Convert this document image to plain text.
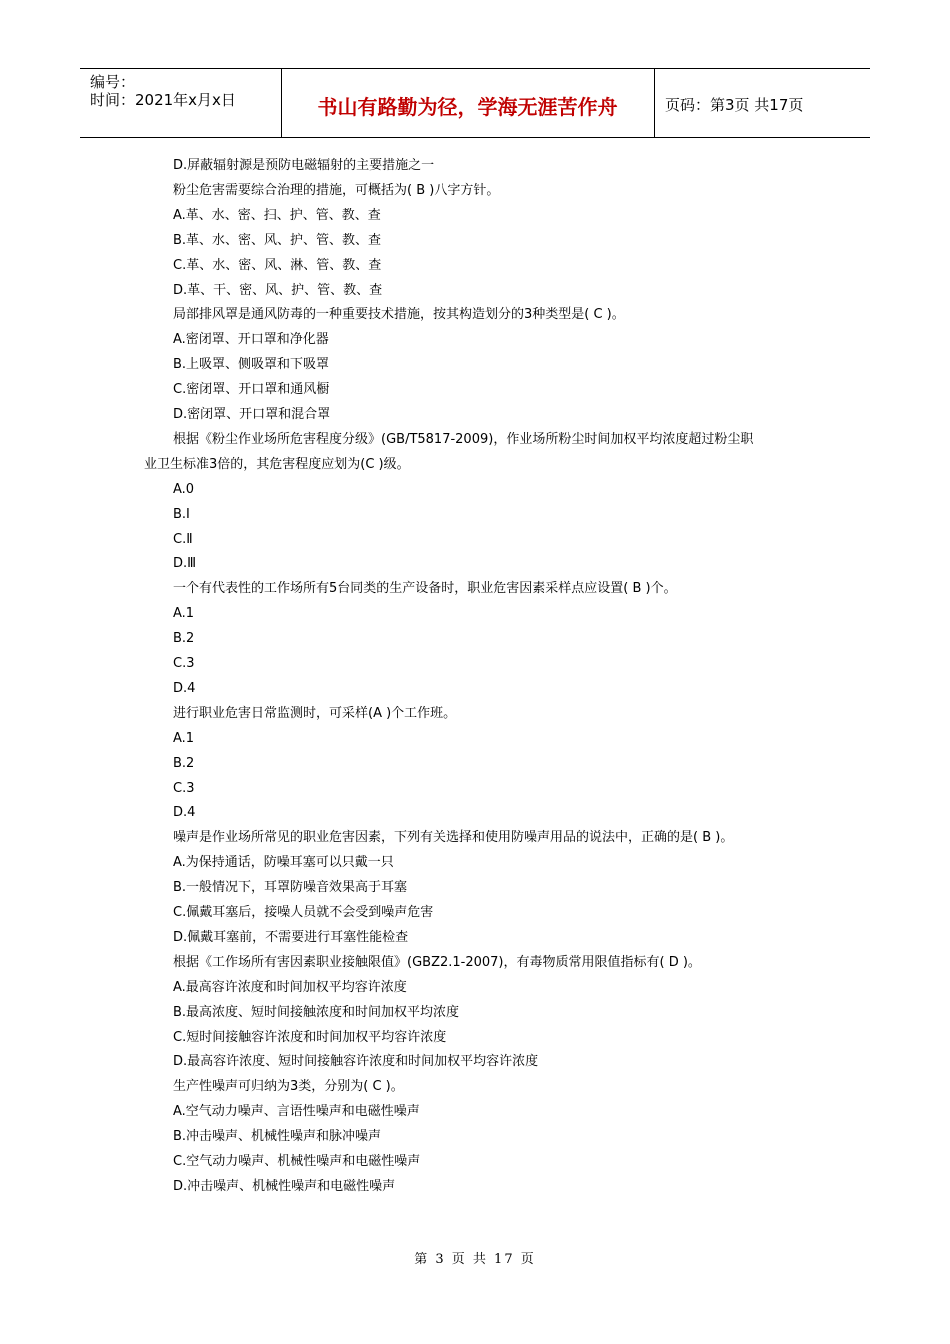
编号：
时间：2021年x月x日	书山有路勤为径，学海无涯苦作舟	页码：第3页 共17页
D.屏蔽辐射源是预防电磁辐射的主要措施之一
粉尘危害需要综合治理的措施，可概括为( B )八字方针。
A.革、水、密、扫、护、管、教、查
B.革、水、密、风、护、管、教、查
C.革、水、密、风、淋、管、教、查
D.革、干、密、风、护、管、教、查
局部排风罩是通风防毒的一种重要技术措施，按其构造划分的3种类型是( C )。
A.密闭罩、开口罩和净化器
B.上吸罩、侧吸罩和下吸罩
C.密闭罩、开口罩和通风橱
D.密闭罩、开口罩和混合罩
根据《粉尘作业场所危害程度分级》(GB/T5817-2009)，作业场所粉尘时间加权平均浓度超过粉尘职
业卫生标准3倍的，其危害程度应划为(C )级。
A.0
B.Ⅰ
C.Ⅱ
D.Ⅲ
一个有代表性的工作场所有5台同类的生产设备时，职业危害因素采样点应设置( B )个。
A.1
B.2
C.3
D.4
进行职业危害日常监测时，可采样(A )个工作班。
A.1
B.2
C.3
D.4
噪声是作业场所常见的职业危害因素，下列有关选择和使用防噪声用品的说法中，正确的是( B )。
A.为保持通话，防噪耳塞可以只戴一只
B.一般情况下，耳罩防噪音效果高于耳塞
C.佩戴耳塞后，接噪人员就不会受到噪声危害
D.佩戴耳塞前，不需要进行耳塞性能检查
根据《工作场所有害因素职业接触限值》(GBZ2.1-2007)，有毒物质常用限值指标有( D )。
A.最高容许浓度和时间加权平均容许浓度
B.最高浓度、短时间接触浓度和时间加权平均浓度
C.短时间接触容许浓度和时间加权平均容许浓度
D.最高容许浓度、短时间接触容许浓度和时间加权平均容许浓度
生产性噪声可归纳为3类，分别为( C )。
A.空气动力噪声、言语性噪声和电磁性噪声
B.冲击噪声、机械性噪声和脉冲噪声
C.空气动力噪声、机械性噪声和电磁性噪声
D.冲击噪声、机械性噪声和电磁性噪声
第 3 页 共 17 页
